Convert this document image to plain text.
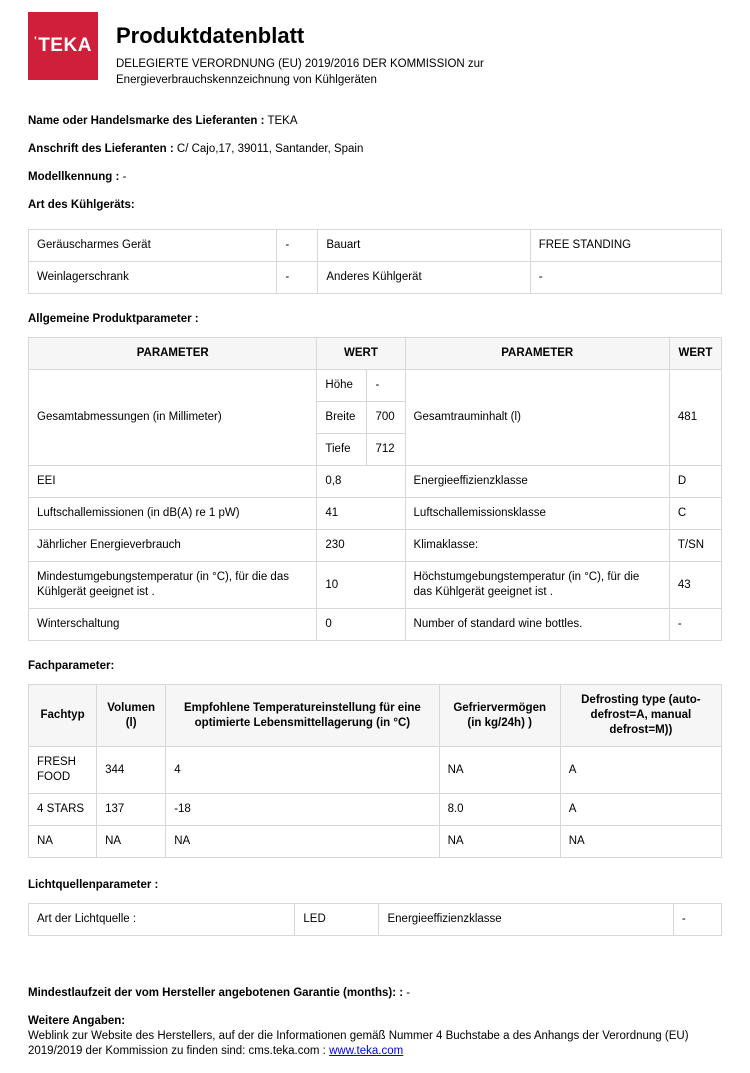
'TEKA Produktdatenblatt
DELEGIERTE VERORDNUNG (EU) 2019/2016 DER KOMMISSION zur Energieverbrauchskennzeichnung von Kühlgeräten

Name oder Handelsmarke des Lieferanten : TEKA

Anschrift des Lieferanten : C/ Cajo,17, 39011, Santander, Spain

Modellkennung : -

Art des Kühlgeräts:

Geräuscharmes Gerät	-	Bauart	FREE STANDING
Weinlagerschrank	-	Anderes Kühlgerät	-

Allgemeine Produktparameter :

PARAMETER	WERT		PARAMETER	WERT
Gesamtabmessungen (in Millimeter)	Höhe	-	Gesamtrauminhalt (l)	481
	Breite	700		
	Tiefe	712		
EEI	0,8		Energieeffizienzklasse	D
Luftschallemissionen (in dB(A) re 1 pW)	41		Luftschallemissionsklasse	C
Jährlicher Energieverbrauch	230		Klimaklasse:	T/SN
Mindestumgebungstemperatur (in °C), für die das Kühlgerät geeignet ist .	10		Höchstumgebungstemperatur (in °C), für die das Kühlgerät geeignet ist .	43
Winterschaltung	0		Number of standard wine bottles.	-

Fachparameter:

Fachtyp	Volumen (l)	Empfohlene Temperatureinstellung für eine optimierte Lebensmittellagerung (in °C)	Gefriervermögen (in kg/24h) )	Defrosting type (auto-defrost=A, manual defrost=M))
FRESH FOOD	344	4	NA	A
4 STARS	137	-18	8.0	A
NA	NA	NA	NA	NA

Lichtquellenparameter :

Art der Lichtquelle :	LED	Energieeffizienzklasse	-

Mindestlaufzeit der vom Hersteller angebotenen Garantie (months): : -

Weitere Angaben:

Weblink zur Website des Herstellers, auf der die Informationen gemäß Nummer 4 Buchstabe a des Anhangs der Verordnung (EU) 2019/2019 der Kommission zu finden sind: cms.teka.com : www.teka.com
